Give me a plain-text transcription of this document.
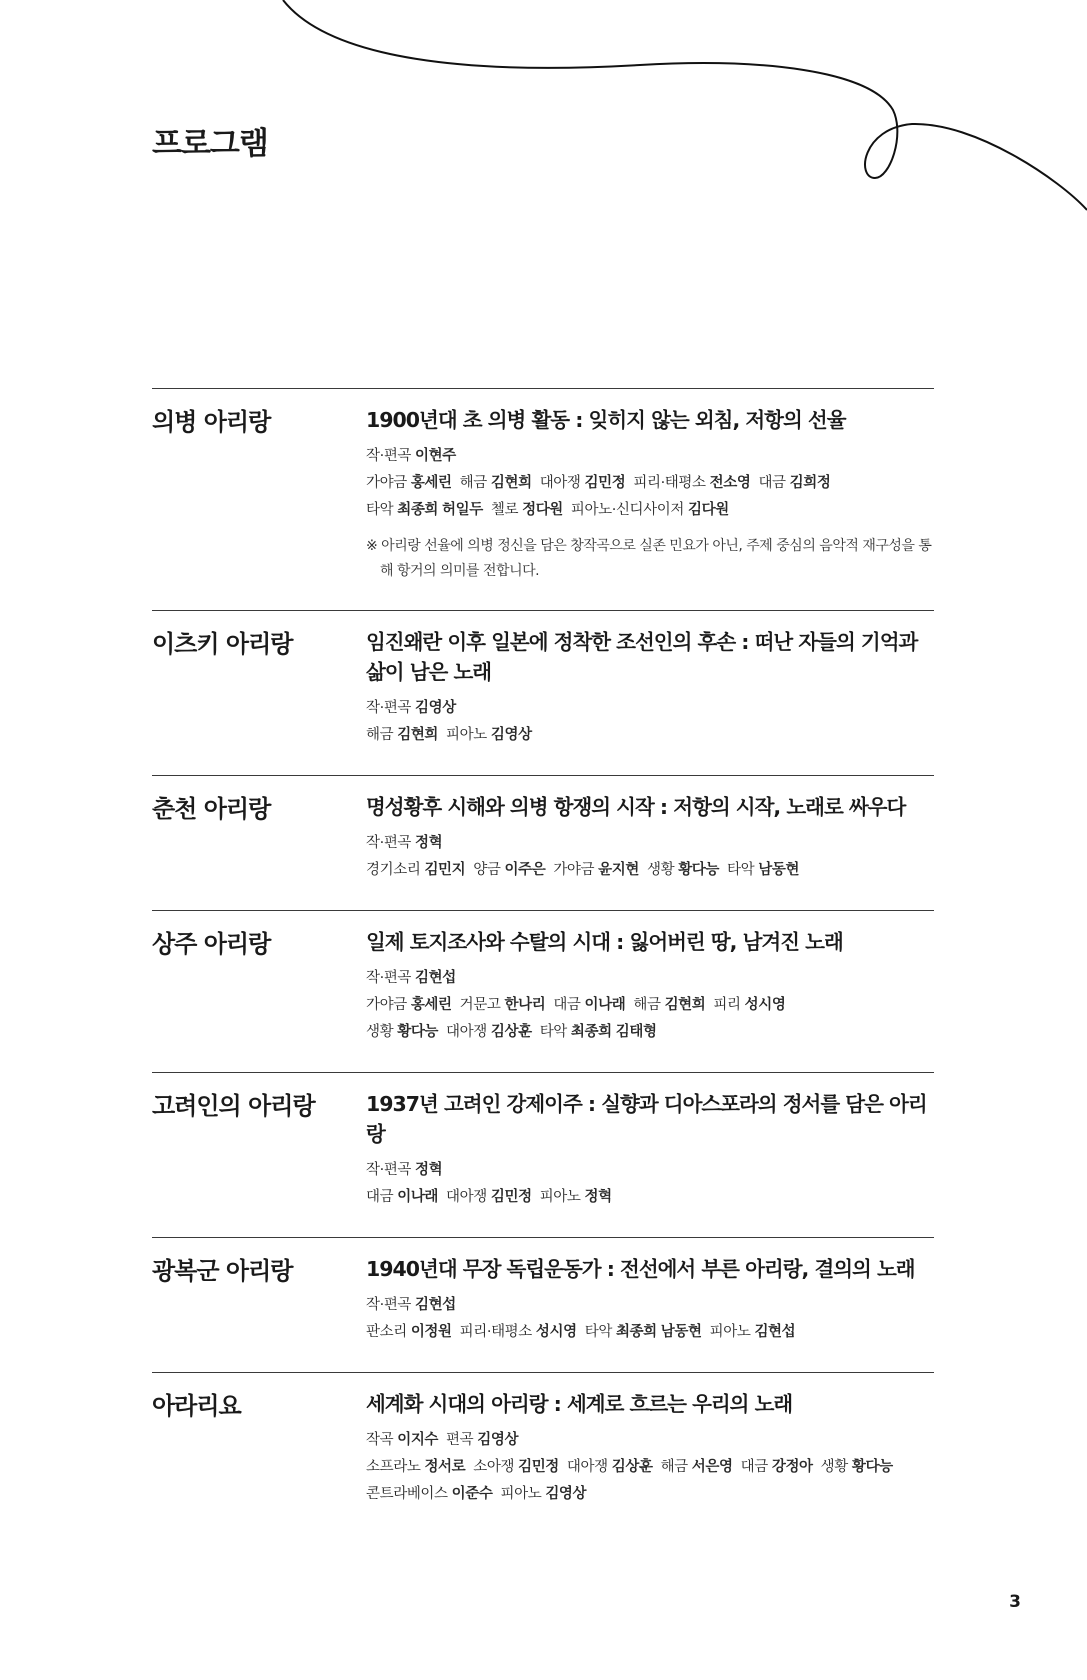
프로그램
의병 아리랑	1900년대 초 의병 활동 : 잊히지 않는 외침, 저항의 선율

작·편곡 이현주
가야금 홍세린 해금 김현희 대아쟁 김민정 피리·태평소 전소영 대금 김희정
타악 최종희 허일두 첼로 정다원 피아노·신디사이저 김다원
※ 아리랑 선율에 의병 정신을 담은 창작곡으로 실존 민요가 아닌, 주제 중심의 음악적 재구성을 통해 항거의 의미를 전합니다.
이츠키 아리랑	임진왜란 이후 일본에 정착한 조선인의 후손 : 떠난 자들의 기억과 삶이 남은 노래

작·편곡 김영상
해금 김현희 피아노 김영상
춘천 아리랑	명성황후 시해와 의병 항쟁의 시작 : 저항의 시작, 노래로 싸우다

작·편곡 정혁
경기소리 김민지 양금 이주은 가야금 윤지현 생황 황다능 타악 남동현
상주 아리랑	일제 토지조사와 수탈의 시대 : 잃어버린 땅, 남겨진 노래

작·편곡 김현섭
가야금 홍세린 거문고 한나리 대금 이나래 해금 김현희 피리 성시영
생황 황다능 대아쟁 김상훈 타악 최종희 김태형
고려인의 아리랑	1937년 고려인 강제이주 : 실향과 디아스포라의 정서를 담은 아리랑

작·편곡 정혁
대금 이나래 대아쟁 김민정 피아노 정혁
광복군 아리랑	1940년대 무장 독립운동가 : 전선에서 부른 아리랑, 결의의 노래

작·편곡 김현섭
판소리 이정원 피리·태평소 성시영 타악 최종희 남동현 피아노 김현섭
아라리요	세계화 시대의 아리랑 : 세계로 흐르는 우리의 노래

작곡 이지수 편곡 김영상
소프라노 정서로 소아쟁 김민정 대아쟁 김상훈 해금 서은영 대금 강정아 생황 황다능
콘트라베이스 이준수 피아노 김영상

3
